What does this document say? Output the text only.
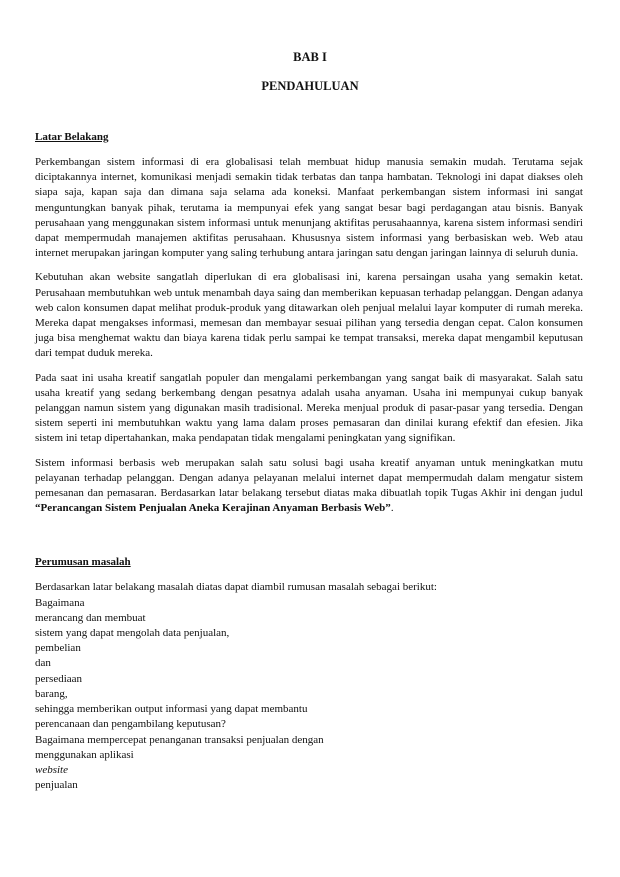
BAB I
PENDAHULUAN
Latar Belakang

Perkembangan sistem informasi di era globalisasi telah membuat hidup manusia semakin mudah. Terutama sejak diciptakannya internet, komunikasi menjadi semakin tidak terbatas dan tanpa hambatan. Teknologi ini dapat diakses oleh siapa saja, kapan saja dan dimana saja selama ada koneksi. Manfaat perkembangan sistem informasi ini sangat menguntungkan banyak pihak, terutama ia mempunyai efek yang sangat besar bagi perdagangan atau bisnis. Banyak perusahaan yang menggunakan sistem informasi untuk menunjang aktifitas perusahaannya, karena sistem informasi sendiri dapat mempermudah manajemen aktifitas perusahaan. Khususnya sistem informasi yang berbasiskan web. Web atau internet merupakan jaringan komputer yang saling terhubung antara jaringan satu dengan jaringan lainnya di seluruh dunia.

Kebutuhan akan website sangatlah diperlukan di era globalisasi ini, karena persaingan usaha yang semakin ketat. Perusahaan membutuhkan web untuk menambah daya saing dan memberikan kepuasan terhadap pelanggan. Dengan adanya web calon konsumen dapat melihat produk-produk yang ditawarkan oleh penjual melalui layar komputer di rumah mereka. Mereka dapat mengakses informasi, memesan dan membayar sesuai pilihan yang tersedia dengan cepat. Calon konsumen juga bisa menghemat waktu dan biaya karena tidak perlu sampai ke tempat transaksi, mereka dapat mengambil keputusan dari tempat duduk mereka.

Pada saat ini usaha kreatif sangatlah populer dan mengalami perkembangan yang sangat baik di masyarakat. Salah satu usaha kreatif yang sedang berkembang dengan pesatnya adalah usaha anyaman. Usaha ini mempunyai cukup banyak pelanggan namun sistem yang digunakan masih tradisional. Mereka menjual produk di pasar-pasar yang tersedia. Dengan sistem seperti ini membutuhkan waktu yang lama dalam proses pemasaran dan dinilai kurang efektif dan efesien. Jika sistem ini tetap dipertahankan, maka pendapatan tidak mengalami peningkatan yang signifikan.

Sistem informasi berbasis web merupakan salah satu solusi bagi usaha kreatif anyaman untuk meningkatkan mutu pelayanan terhadap pelanggan. Dengan adanya pelayanan melalui internet dapat mempermudah dalam mengatur sistem pemesanan dan pemasaran. Berdasarkan latar belakang tersebut diatas maka dibuatlah topik Tugas Akhir ini dengan judul “Perancangan Sistem Penjualan Aneka Kerajinan Anyaman Berbasis Web”.

Perumusan masalah
Berdasarkan latar belakang masalah diatas dapat diambil rumusan masalah sebagai berikut:
Bagaimana
merancang dan membuat
sistem yang dapat mengolah data penjualan,
pembelian
dan
persediaan
barang,
sehingga memberikan output informasi yang dapat membantu
perencanaan dan pengambilang keputusan?
Bagaimana mempercepat penanganan transaksi penjualan dengan
menggunakan aplikasi
website
penjualan
